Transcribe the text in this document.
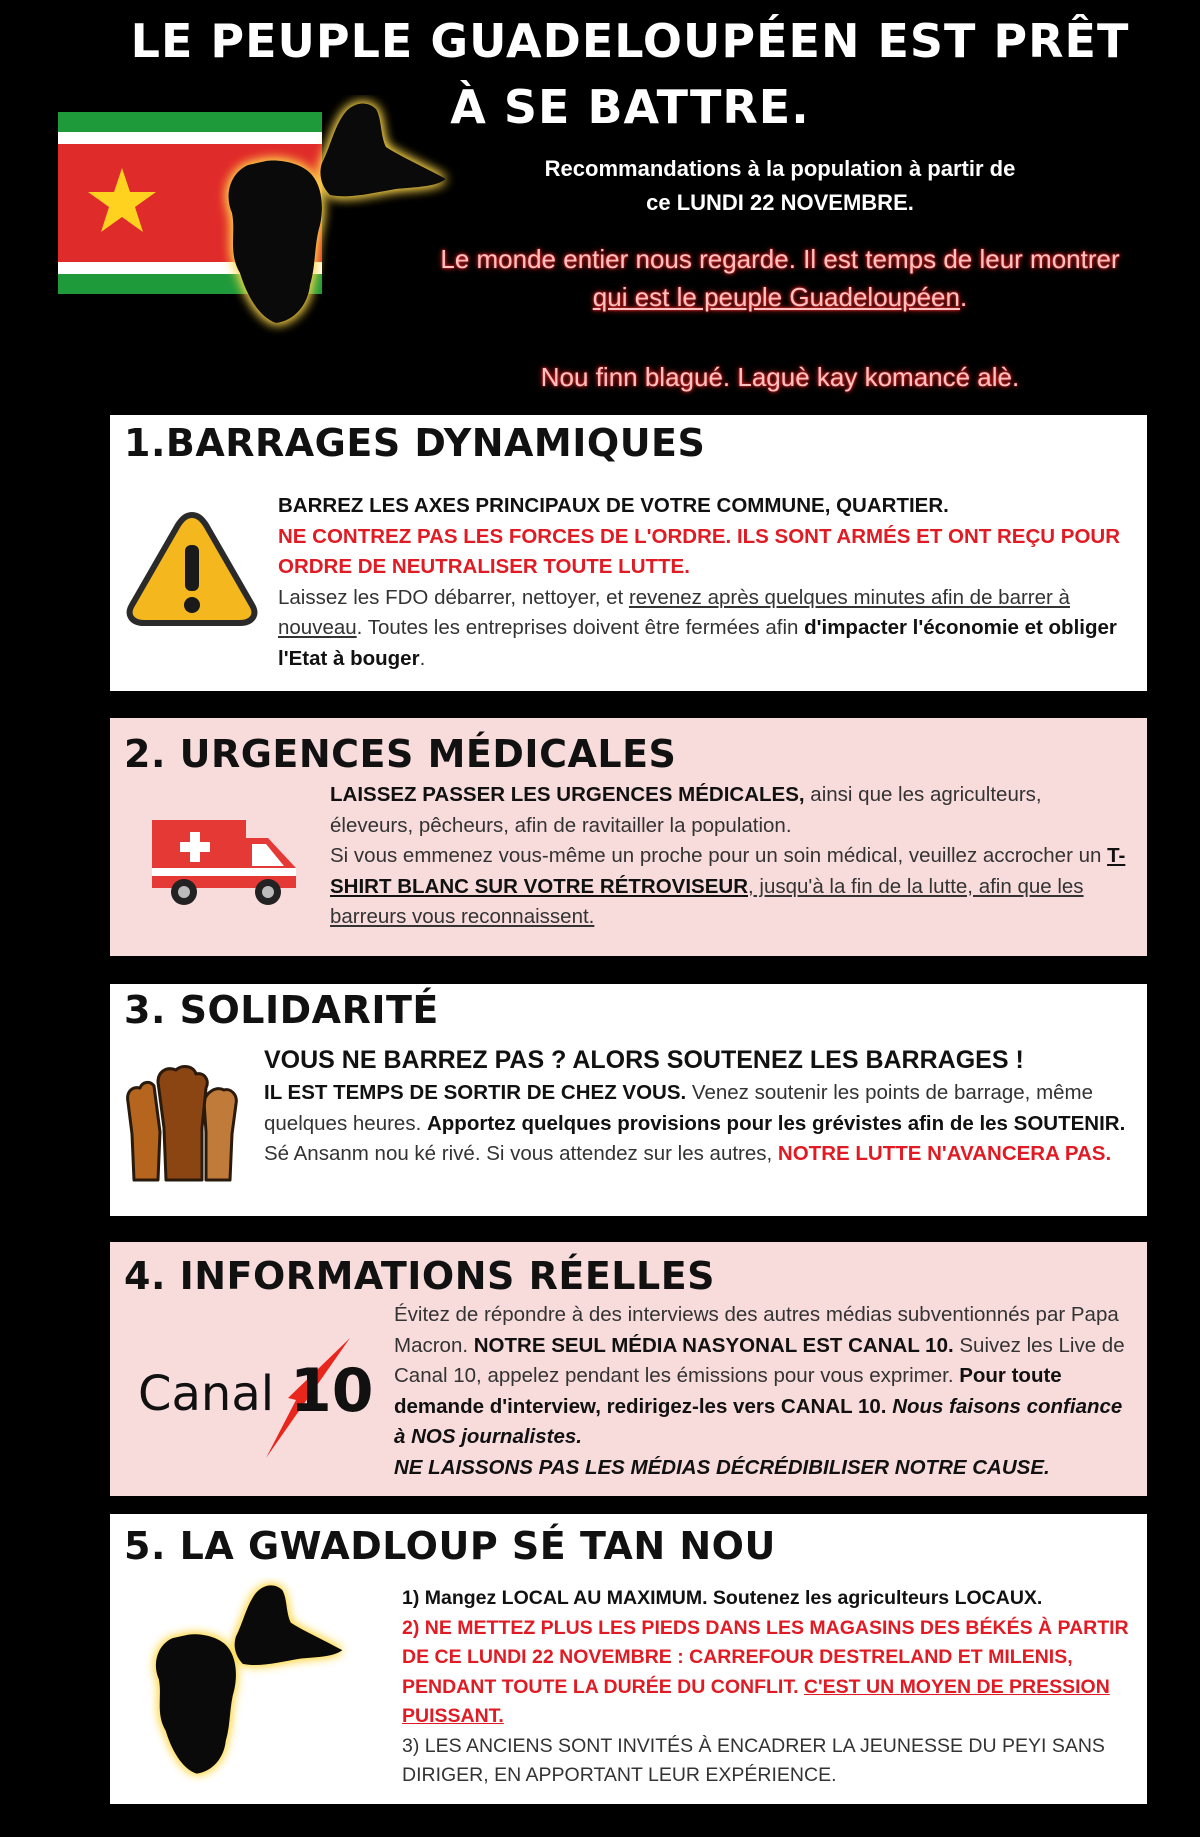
LE PEUPLE GUADELOUPÉEN EST PRÊT
À SE BATTRE.
Recommandations à la population à partir de
ce LUNDI 22 NOVEMBRE.
Le monde entier nous regarde. Il est temps de leur montrer
qui est le peuple Guadeloupéen.
Nou finn blagué. Laguè kay komancé alè.
1.BARRAGES DYNAMIQUES
BARREZ LES AXES PRINCIPAUX DE VOTRE COMMUNE, QUARTIER.
NE CONTREZ PAS LES FORCES DE L'ORDRE. ILS SONT ARMÉS ET ONT REÇU POUR ORDRE DE NEUTRALISER TOUTE LUTTE.
Laissez les FDO débarrer, nettoyer, et revenez après quelques minutes afin de barrer à nouveau. Toutes les entreprises doivent être fermées afin d'impacter l'économie et obliger l'Etat à bouger.
2. URGENCES MÉDICALES
LAISSEZ PASSER LES URGENCES MÉDICALES, ainsi que les agriculteurs, éleveurs, pêcheurs, afin de ravitailler la population.
Si vous emmenez vous-même un proche pour un soin médical, veuillez accrocher un T-SHIRT BLANC SUR VOTRE RÉTROVISEUR, jusqu'à la fin de la lutte, afin que les barreurs vous reconnaissent.
3. SOLIDARITÉ
VOUS NE BARREZ PAS ? ALORS SOUTENEZ LES BARRAGES !
IL EST TEMPS DE SORTIR DE CHEZ VOUS. Venez soutenir les points de barrage, même quelques heures. Apportez quelques provisions pour les grévistes afin de les SOUTENIR. Sé Ansanm nou ké rivé. Si vous attendez sur les autres, NOTRE LUTTE N'AVANCERA PAS.
4. INFORMATIONS RÉELLES
Canal 10
Évitez de répondre à des interviews des autres médias subventionnés par Papa Macron. NOTRE SEUL MÉDIA NASYONAL EST CANAL 10. Suivez les Live de Canal 10, appelez pendant les émissions pour vous exprimer. Pour toute demande d'interview, redirigez-les vers CANAL 10. Nous faisons confiance à NOS journalistes.
NE LAISSONS PAS LES MÉDIAS DÉCRÉDIBILISER NOTRE CAUSE.
5. LA GWADLOUP SÉ TAN NOU
1) Mangez LOCAL AU MAXIMUM. Soutenez les agriculteurs LOCAUX.
2) NE METTEZ PLUS LES PIEDS DANS LES MAGASINS DES BÉKÉS À PARTIR DE CE LUNDI 22 NOVEMBRE : CARREFOUR DESTRELAND ET MILENIS, PENDANT TOUTE LA DURÉE DU CONFLIT. C'EST UN MOYEN DE PRESSION PUISSANT.
3) LES ANCIENS SONT INVITÉS À ENCADRER LA JEUNESSE DU PEYI SANS DIRIGER, EN APPORTANT LEUR EXPÉRIENCE.
